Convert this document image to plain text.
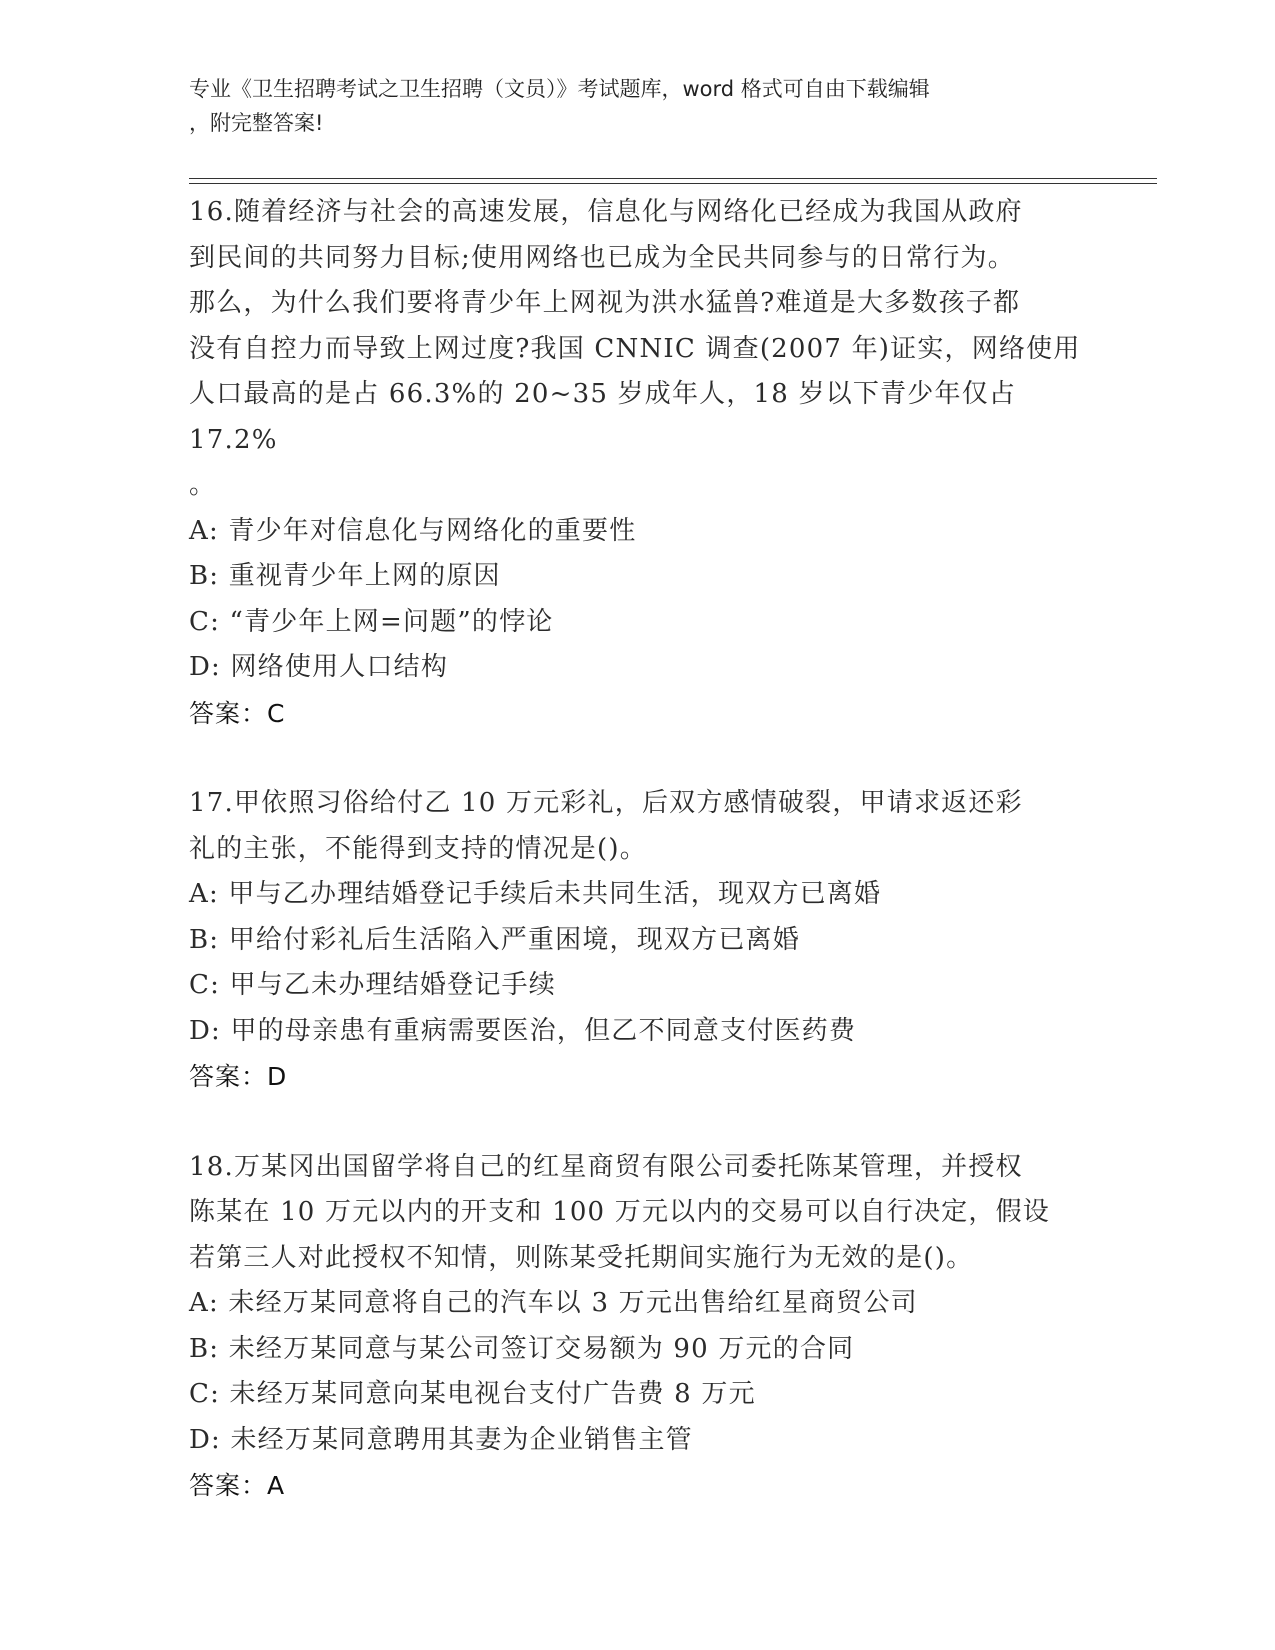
专业《卫生招聘考试之卫生招聘（文员）》考试题库，word 格式可自由下载编辑
，附完整答案!

16.随着经济与社会的高速发展，信息化与网络化已经成为我国从政府

到民间的共同努力目标;使用网络也已成为全民共同参与的日常行为。

那么，为什么我们要将青少年上网视为洪水猛兽?难道是大多数孩子都

没有自控力而导致上网过度?我国 CNNIC 调查(2007 年)证实，网络使用

人口最高的是占 66.3%的 20~35 岁成年人，18 岁以下青少年仅占 17.2%

。

A: 青少年对信息化与网络化的重要性

B: 重视青少年上网的原因

C: “青少年上网=问题”的悖论

D: 网络使用人口结构

答案：C

17.甲依照习俗给付乙 10 万元彩礼，后双方感情破裂，甲请求返还彩

礼的主张，不能得到支持的情况是()。

A: 甲与乙办理结婚登记手续后未共同生活，现双方已离婚

B: 甲给付彩礼后生活陷入严重困境，现双方已离婚

C: 甲与乙未办理结婚登记手续

D: 甲的母亲患有重病需要医治，但乙不同意支付医药费

答案：D

18.万某冈出国留学将自己的红星商贸有限公司委托陈某管理，并授权

陈某在 10 万元以内的开支和 100 万元以内的交易可以自行决定，假设

若第三人对此授权不知情，则陈某受托期间实施行为无效的是()。

A: 未经万某同意将自己的汽车以 3 万元出售给红星商贸公司

B: 未经万某同意与某公司签订交易额为 90 万元的合同

C: 未经万某同意向某电视台支付广告费 8 万元

D: 未经万某同意聘用其妻为企业销售主管

答案：A
